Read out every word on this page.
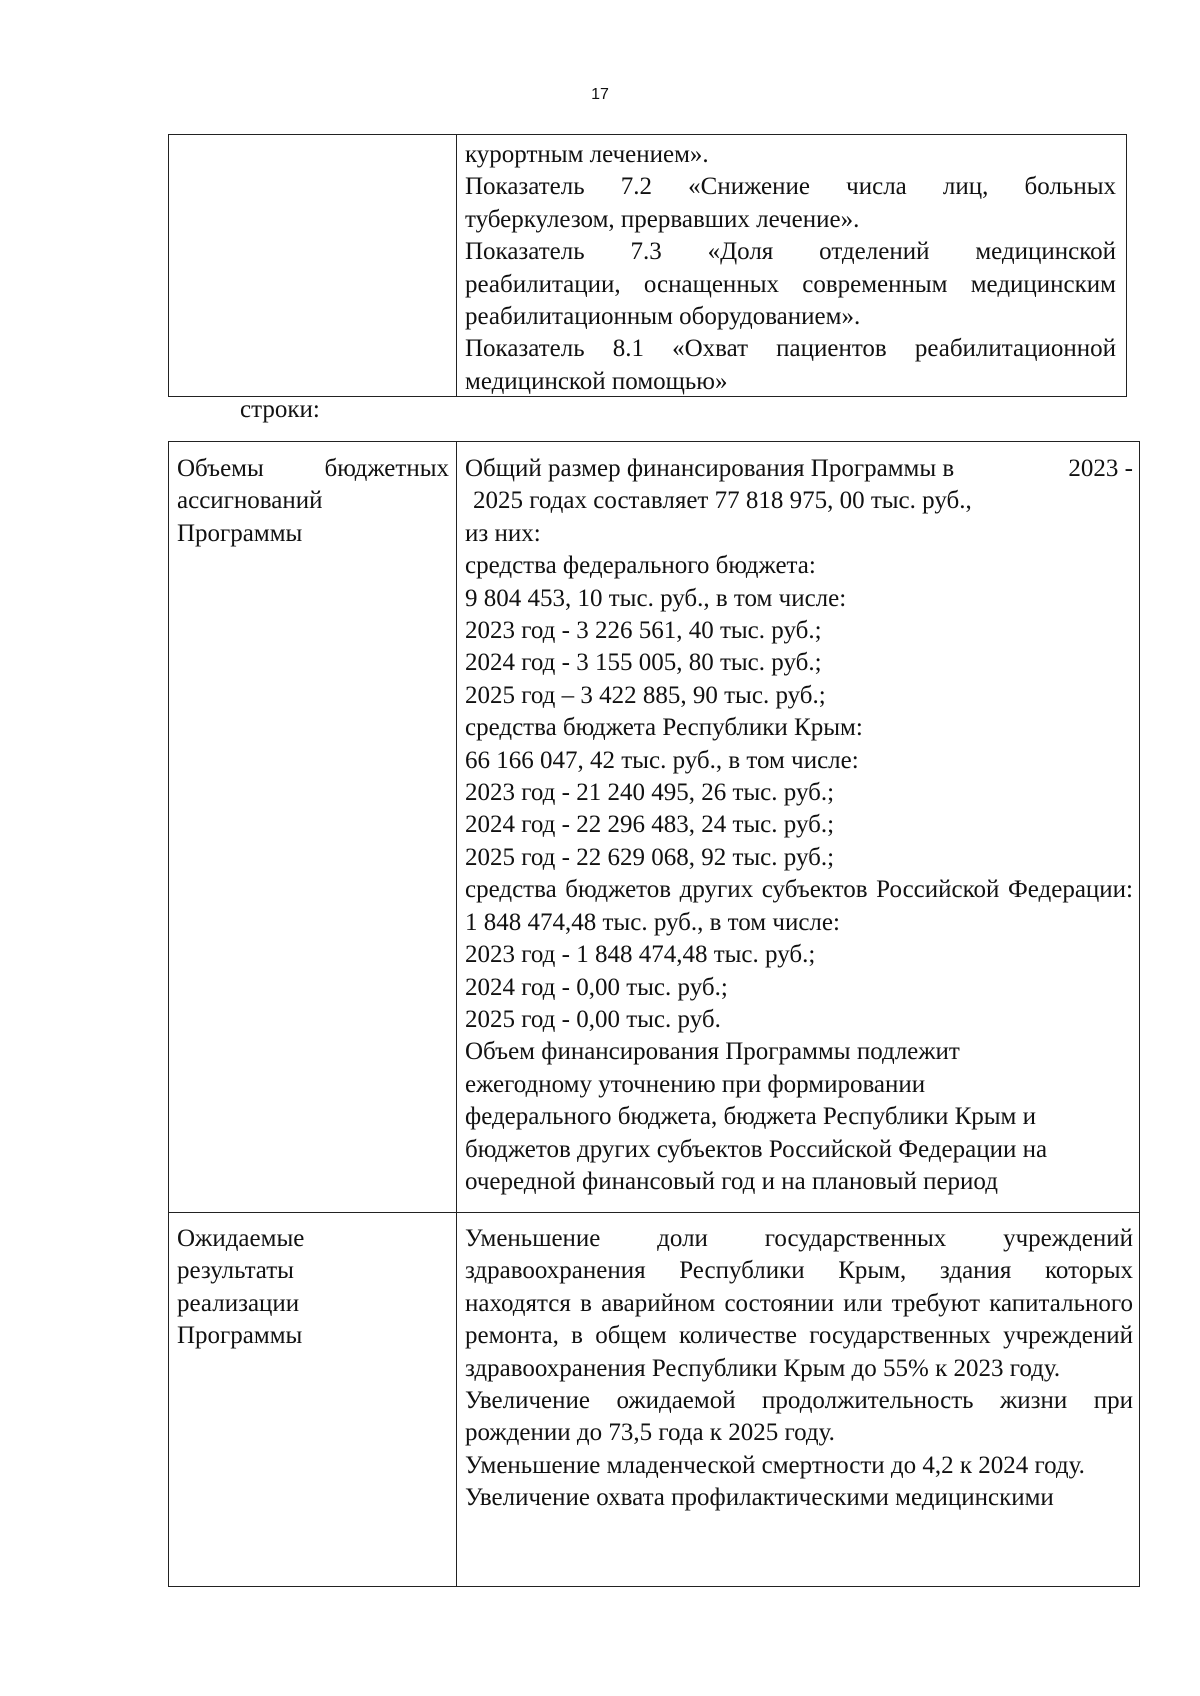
17

курортным лечением».

Показатель 7.2 «Снижение числа лиц, больных туберкулезом, прервавших лечение».

Показатель 7.3 «Доля отделений медицинской реабилитации, оснащенных современным медицинским реабилитационным оборудованием».

Показатель 8.1 «Охват пациентов реабилитационной медицинской помощью»

строки:

Объемы бюджетных ассигнований Программы

Общий размер финансирования Программы в	2023 -

2025 годах составляет 77 818 975, 00 тыс. руб.,

из них:

средства федерального бюджета:

9 804 453, 10 тыс. руб., в том числе:

2023 год - 3 226 561, 40 тыс. руб.;

2024 год - 3 155 005, 80 тыс. руб.;

2025 год – 3 422 885, 90 тыс. руб.;

средства бюджета Республики Крым:

66 166 047, 42 тыс. руб., в том числе:

2023 год - 21 240 495, 26 тыс. руб.;

2024 год - 22 296 483, 24 тыс. руб.;

2025 год - 22 629 068, 92 тыс. руб.;

средства бюджетов других субъектов Российской Федерации: 1 848 474,48 тыс. руб., в том числе:

2023 год - 1 848 474,48 тыс. руб.;

2024 год - 0,00 тыс. руб.;

2025 год - 0,00 тыс. руб.

Объем финансирования Программы подлежит

ежегодному уточнению при формировании

федерального бюджета, бюджета Республики Крым и

бюджетов других субъектов Российской Федерации на

очередной финансовый год и на плановый период

Ожидаемые результаты реализации Программы

Уменьшение доли государственных учреждений здравоохранения Республики Крым, здания которых находятся в аварийном состоянии или требуют капитального ремонта, в общем количестве государственных учреждений здравоохранения Республики Крым до 55% к 2023 году.

Увеличение ожидаемой продолжительность жизни при рождении до 73,5 года к 2025 году.

Уменьшение младенческой смертности до 4,2 к 2024 году.

Увеличение охвата профилактическими медицинскими
